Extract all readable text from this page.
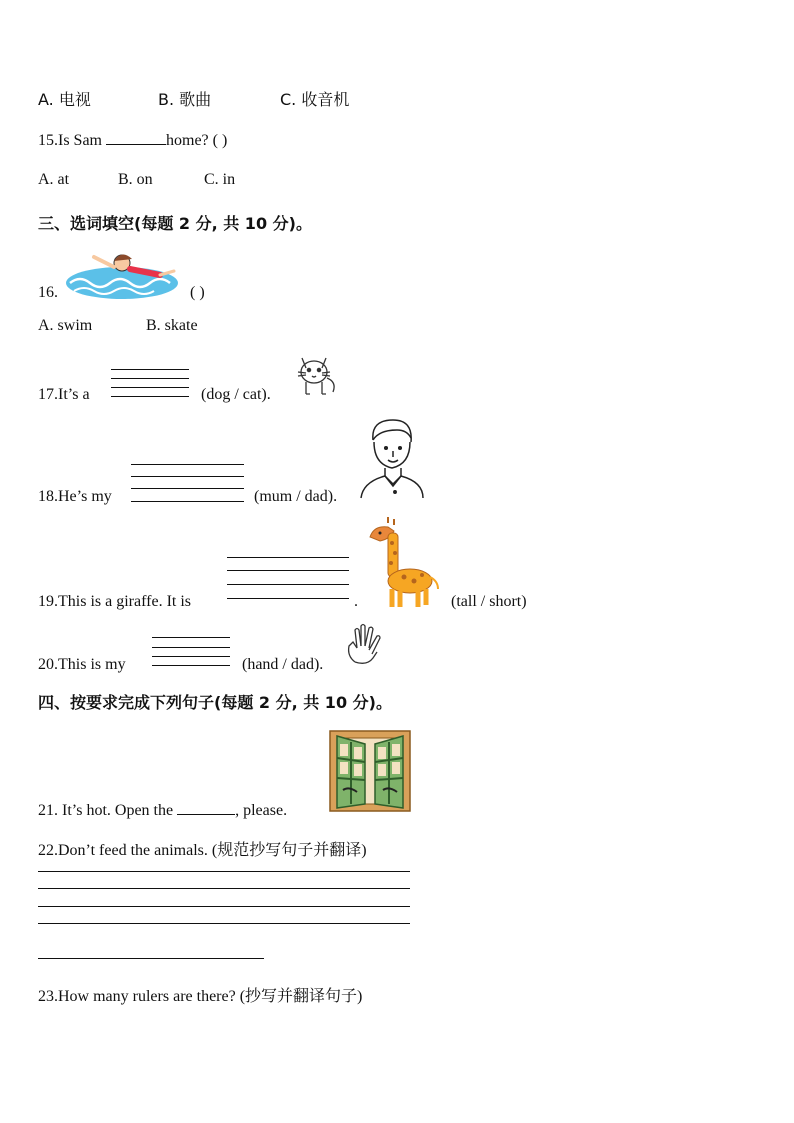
A. 电视	B. 歌曲	C. 收音机
15.Is Sam	home? ( )
A. at	B. on	C. in
三、选词填空(每题 2 分, 共 10 分)。
16.	( )
A. swim	B. skate
17.It’s a	(dog / cat).
18.He’s my	(mum / dad).
19.This is a giraffe. It is	.	(tall / short)
20.This is my	(hand / dad).
四、按要求完成下列句子(每题 2 分, 共 10 分)。
21. It’s hot. Open the	, please.
22.Don’t feed the animals. (规范抄写句子并翻译)
23.How many rulers are there? (抄写并翻译句子)
